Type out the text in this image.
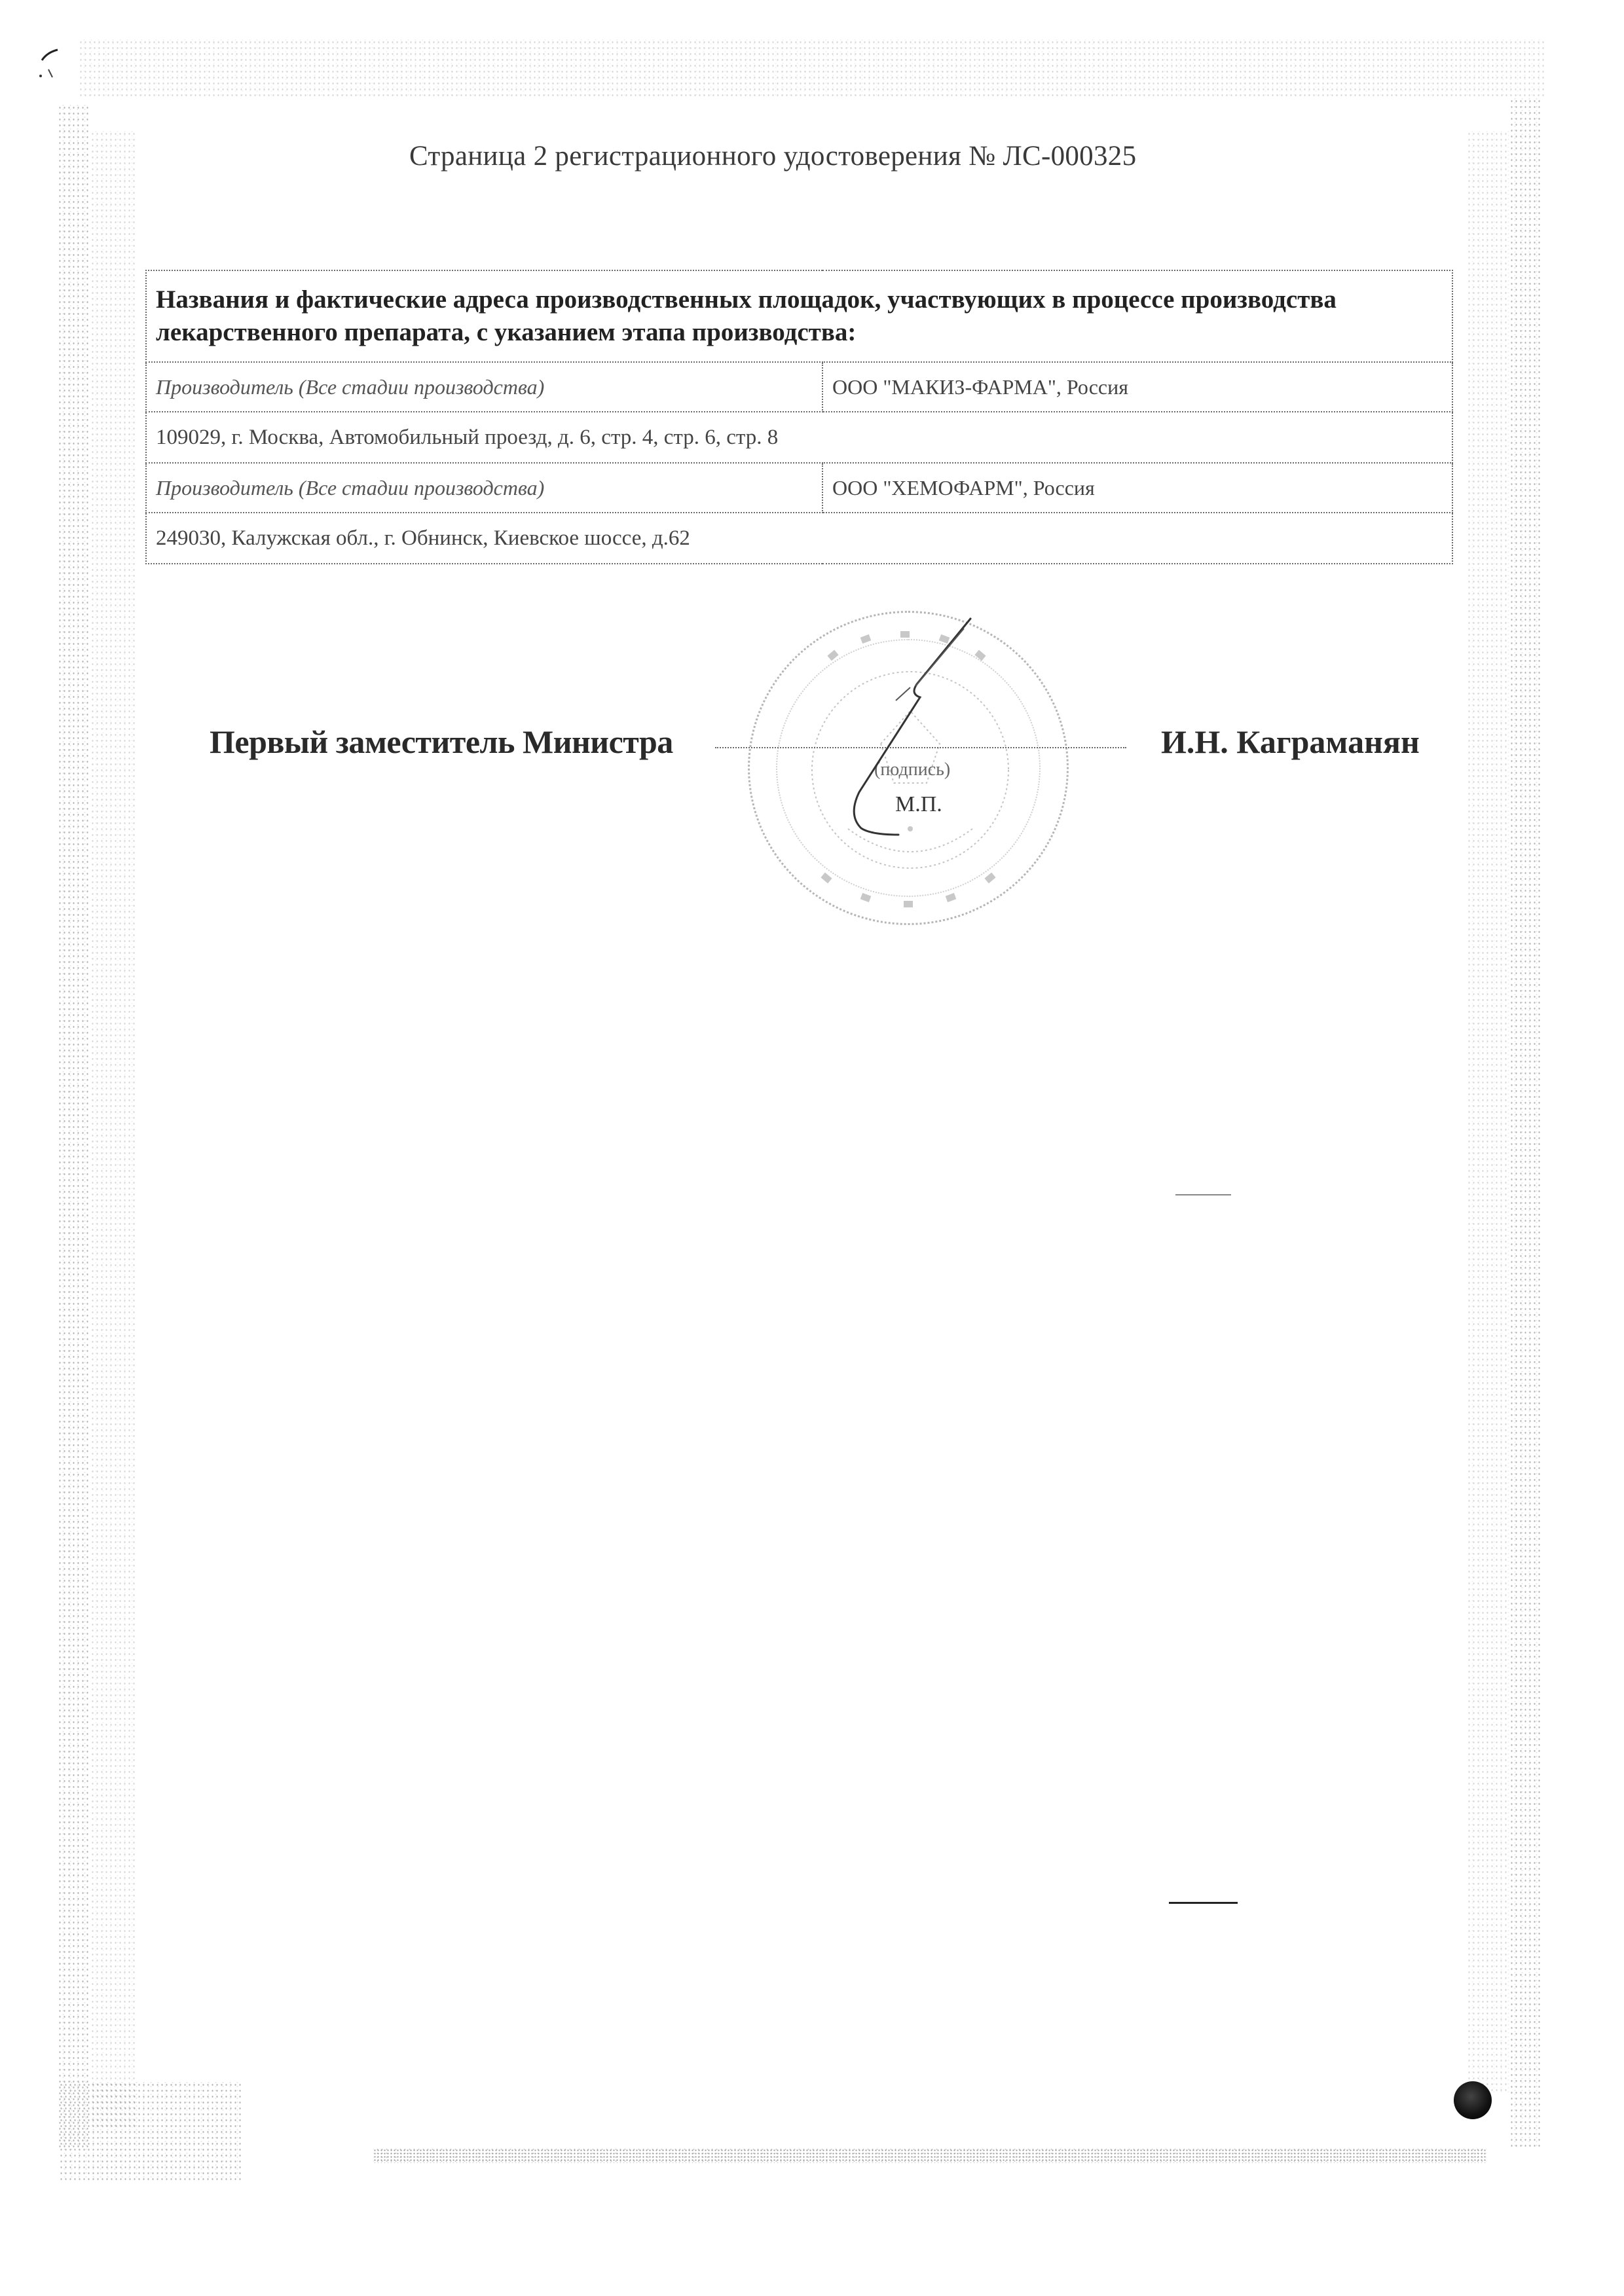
Страница 2 регистрационного удостоверения № ЛС-000325
Названия и фактические адреса производственных площадок, участвующих в процессе производства лекарственного препарата, с указанием этапа производства:	
Производитель (Все стадии производства)	ООО "МАКИЗ-ФАРМА", Россия
109029, г. Москва, Автомобильный проезд, д. 6, стр. 4, стр. 6, стр. 8	
Производитель (Все стадии производства)	ООО "ХЕМОФАРМ", Россия
249030, Калужская обл., г. Обнинск, Киевское шоссе, д.62	
Первый заместитель Министра
(подпись)
М.П.
И.Н. Каграманян
